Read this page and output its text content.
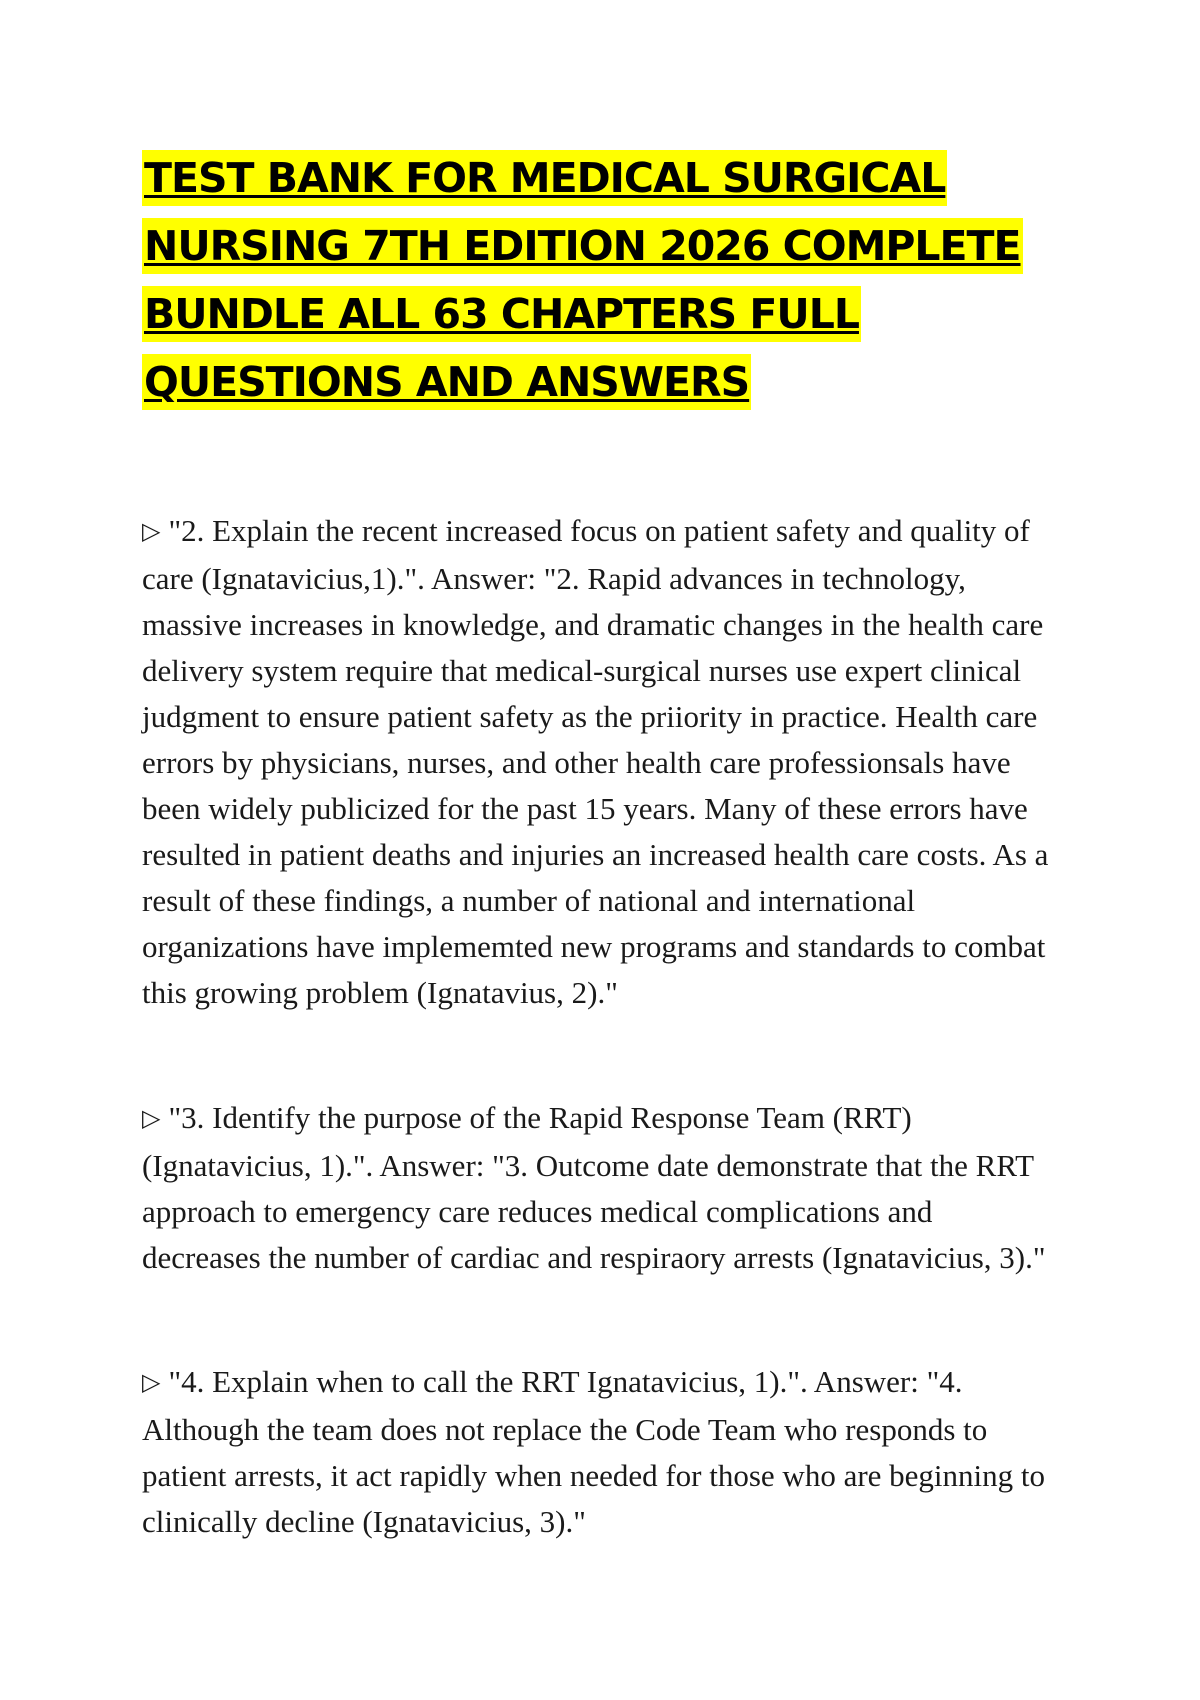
TEST BANK FOR MEDICAL SURGICAL
NURSING 7TH EDITION 2026 COMPLETE
BUNDLE ALL 63 CHAPTERS FULL
QUESTIONS AND ANSWERS
▷ "2. Explain the recent increased focus on patient safety and quality of
care (Ignatavicius,1).". Answer: "2. Rapid advances in technology,
massive increases in knowledge, and dramatic changes in the health care
delivery system require that medical-surgical nurses use expert clinical
judgment to ensure patient safety as the priiority in practice. Health care
errors by physicians, nurses, and other health care professionsals have
been widely publicized for the past 15 years. Many of these errors have
resulted in patient deaths and injuries an increased health care costs. As a
result of these findings, a number of national and international
organizations have implememted new programs and standards to combat
this growing problem (Ignatavius, 2)."
▷ "3. Identify the purpose of the Rapid Response Team (RRT)
(Ignatavicius, 1).". Answer: "3. Outcome date demonstrate that the RRT
approach to emergency care reduces medical complications and
decreases the number of cardiac and respiraory arrests (Ignatavicius, 3)."
▷ "4. Explain when to call the RRT Ignatavicius, 1).". Answer: "4.
Although the team does not replace the Code Team who responds to
patient arrests, it act rapidly when needed for those who are beginning to
clinically decline (Ignatavicius, 3)."
